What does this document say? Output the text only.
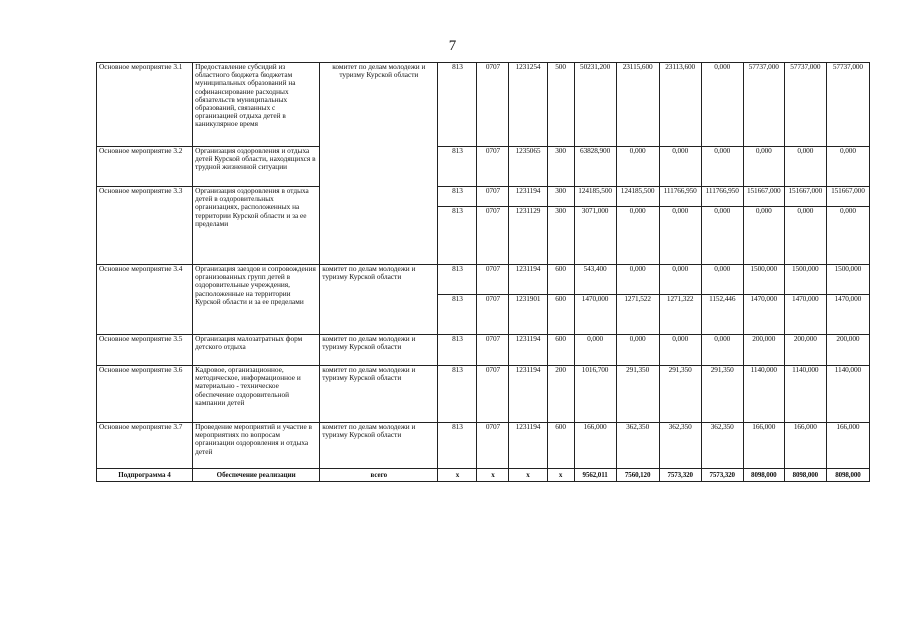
7
Основное мероприятие 3.1	Предоставление субсидий из областного бюджета бюджетам муниципальных образований на софинансирование расходных обязательств муниципальных образований, связанных с организацией отдыха детей в каникулярное время	комитет по делам молодежи и туризму Курской области	813	0707	1231254	500	50231,200	23115,600	23113,600	0,000	57737,000	57737,000	57737,000
Основное мероприятие 3.2	Организация оздоровления и отдыха детей Курской области, находящихся в трудной жизненной ситуации		813	0707	1235065	300	63828,900	0,000	0,000	0,000	0,000	0,000	0,000
Основное мероприятие 3.3	Организация оздоровления в отдыха детей в оздоровительных организациях, расположенных на территории Курской области и за ее пределами		813	0707	1231194	300	124185,500	124185,500	111766,950	111766,950	151667,000	151667,000	151667,000
			813	0707	1231129	300	3071,000	0,000	0,000	0,000	0,000	0,000	0,000
Основное мероприятие 3.4	Организация заездов и сопровождения организованных групп детей в оздоровительные учреждения, расположенные на территории Курской области и за ее пределами	комитет по делам молодежи и туризму Курской области	813	0707	1231194	600	543,400	0,000	0,000	0,000	1500,000	1500,000	1500,000
			813	0707	1231901	600	1470,000	1271,522	1271,322	1152,446	1470,000	1470,000	1470,000
Основное мероприятие 3.5	Организация малозатратных форм детского отдыха	комитет по делам молодежи и туризму Курской области	813	0707	1231194	600	0,000	0,000	0,000	0,000	200,000	200,000	200,000
Основное мероприятие 3.6	Кадровое, организационное, методическое, информационное и материально - техническое обеспечение оздоровительной кампании детей	комитет по делам молодежи и туризму Курской области	813	0707	1231194	200	1016,700	291,350	291,350	291,350	1140,000	1140,000	1140,000
Основное мероприятие 3.7	Проведение мероприятий и участие в мероприятиях по вопросам организации оздоровления и отдыха детей	комитет по делам молодежи и туризму Курской области	813	0707	1231194	600	166,000	362,350	362,350	362,350	166,000	166,000	166,000
Подпрограмма 4	Обеспечение реализации	всего	х	х	х	х	9562,011	7560,120	7573,320	7573,320	8098,000	8098,000	8098,000
